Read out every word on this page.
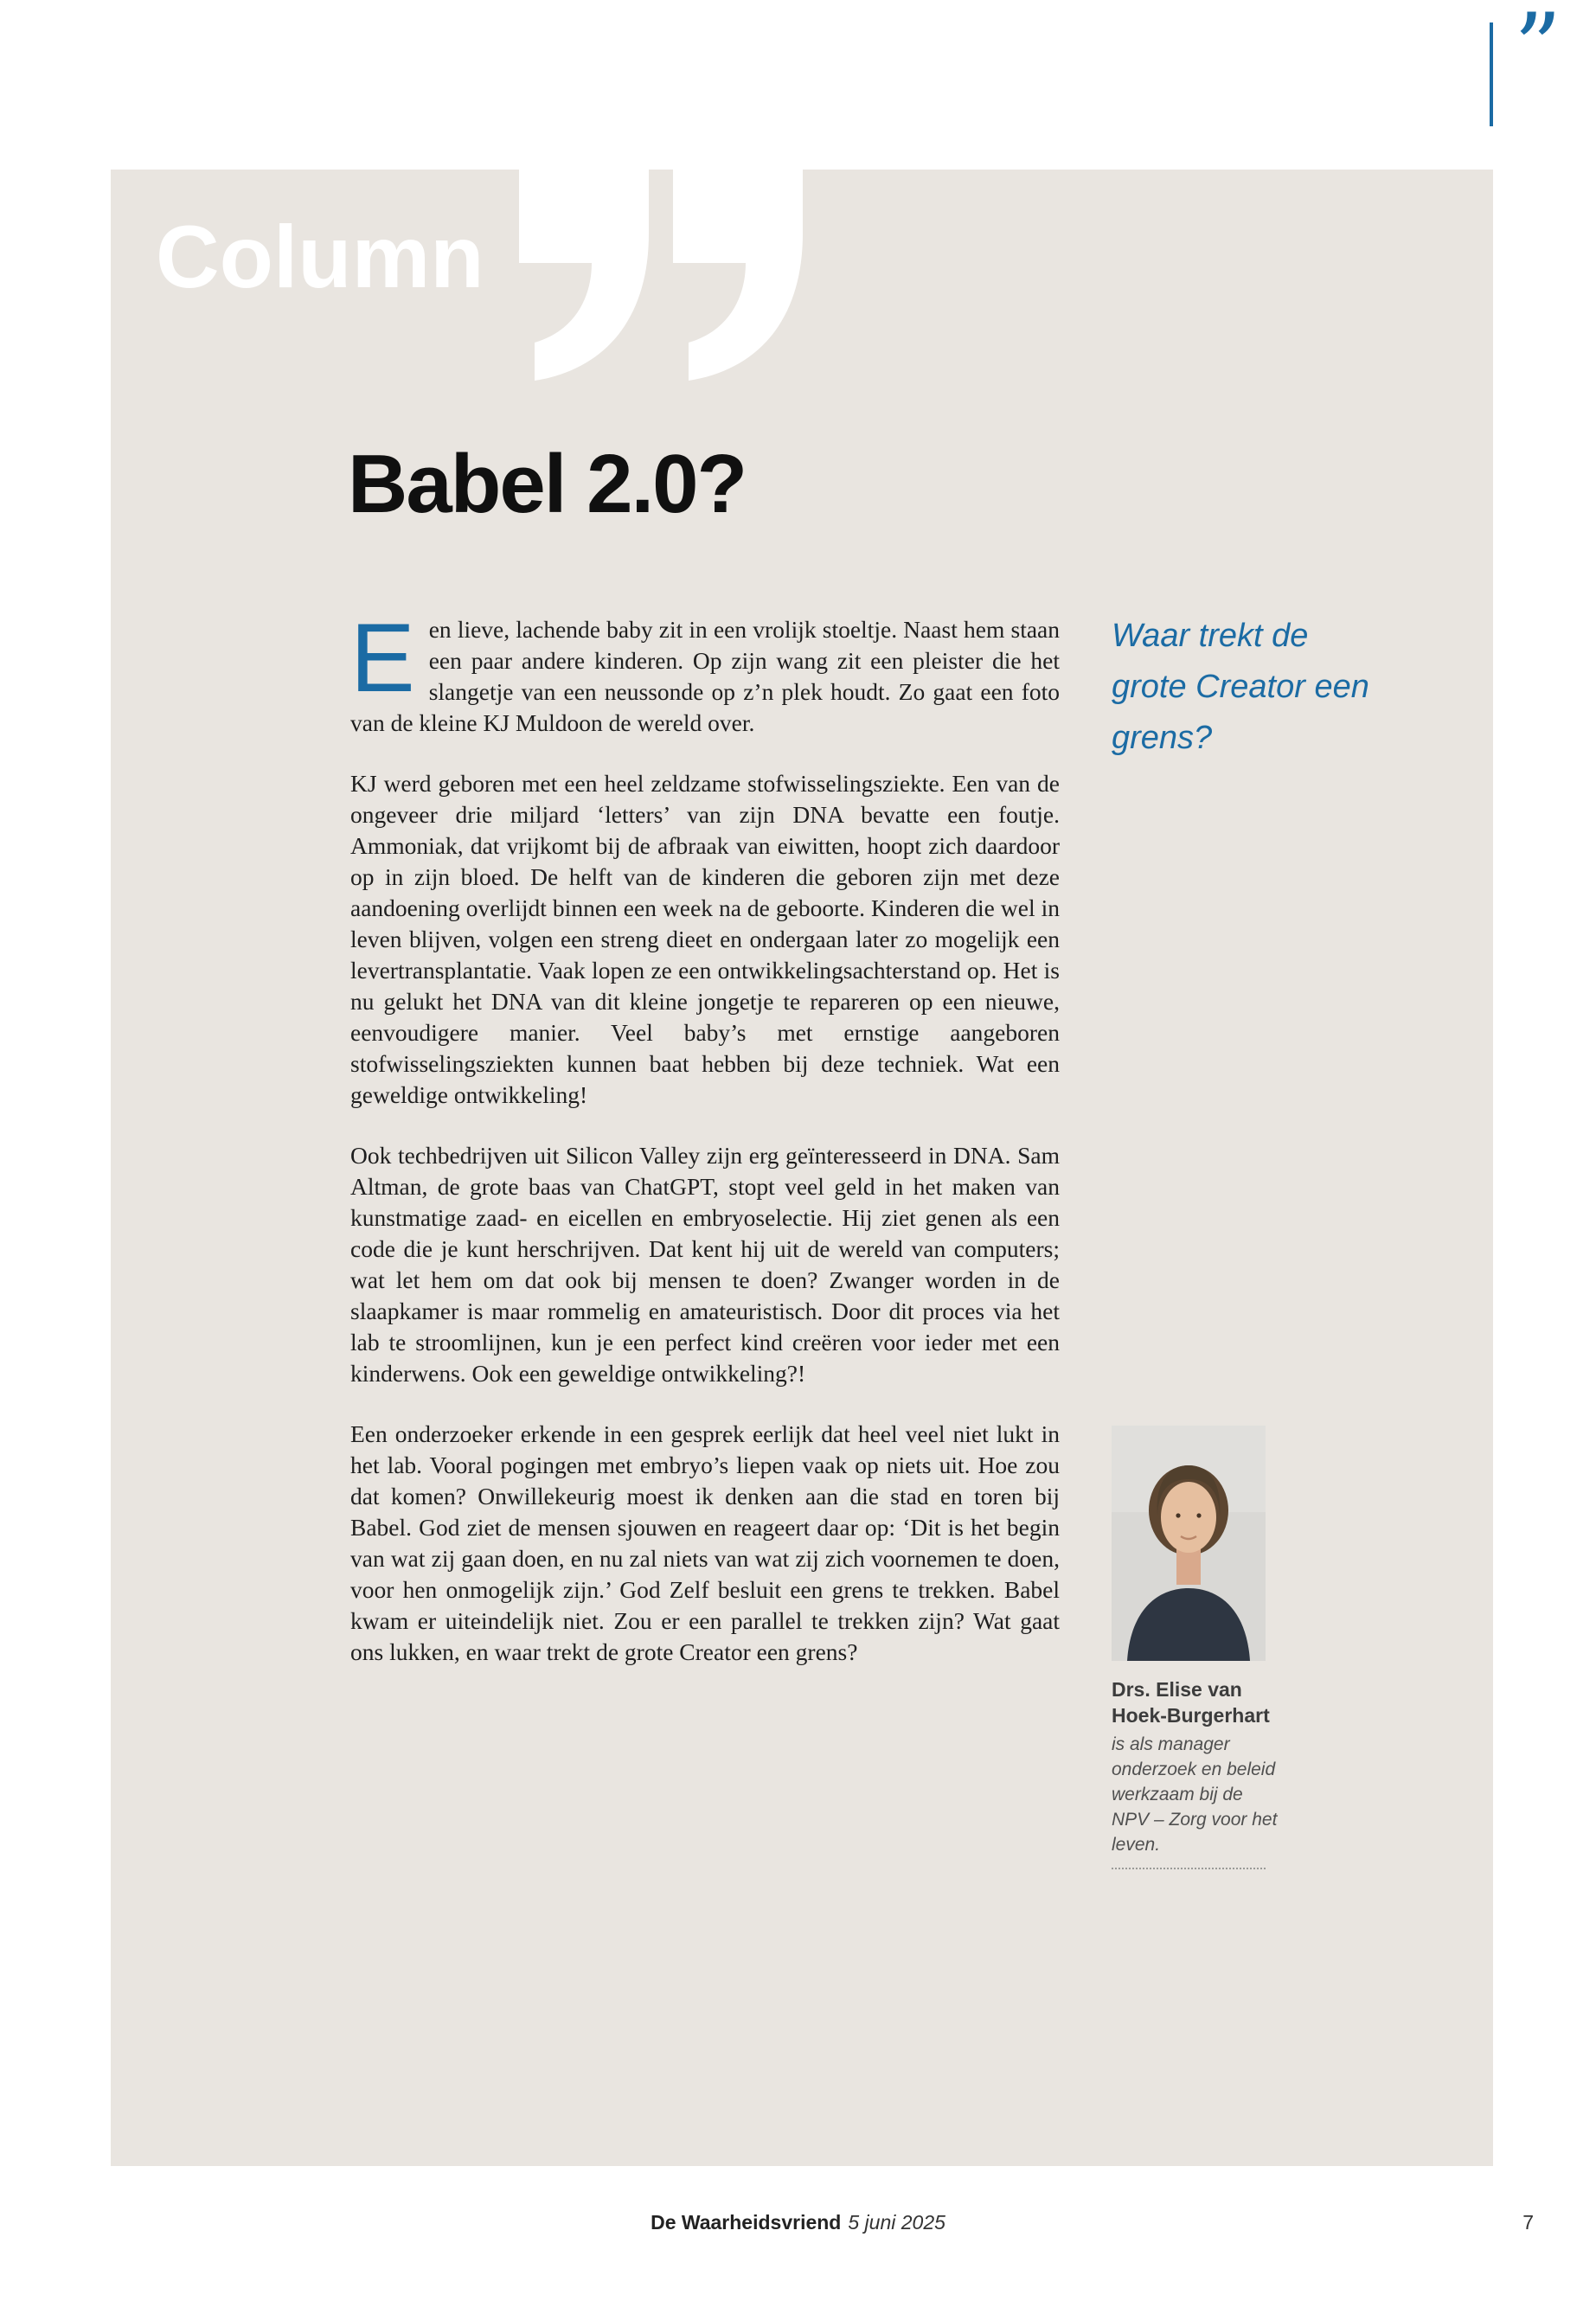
”
Column
Babel 2.0?

Een lieve, lachende baby zit in een vrolijk stoeltje. Naast hem staan een paar andere kinderen. Op zijn wang zit een pleister die het slangetje van een neussonde op z’n plek houdt. Zo gaat een foto van de kleine KJ Muldoon de wereld over.

KJ werd geboren met een heel zeldzame stofwisselingsziekte. Een van de ongeveer drie miljard ‘letters’ van zijn DNA bevatte een foutje. Ammoniak, dat vrijkomt bij de afbraak van eiwitten, hoopt zich daardoor op in zijn bloed. De helft van de kinderen die geboren zijn met deze aandoening overlijdt binnen een week na de geboorte. Kinderen die wel in leven blijven, volgen een streng dieet en ondergaan later zo mogelijk een levertransplantatie. Vaak lopen ze een ontwikkelingsachterstand op. Het is nu gelukt het DNA van dit kleine jongetje te repareren op een nieuwe, eenvoudigere manier. Veel baby’s met ernstige aangeboren stofwisselingsziekten kunnen baat hebben bij deze techniek. Wat een geweldige ontwikkeling!

Ook techbedrijven uit Silicon Valley zijn erg geïnteresseerd in DNA. Sam Altman, de grote baas van ChatGPT, stopt veel geld in het maken van kunstmatige zaad- en eicellen en embryoselectie. Hij ziet genen als een code die je kunt herschrijven. Dat kent hij uit de wereld van computers; wat let hem om dat ook bij mensen te doen? Zwanger worden in de slaapkamer is maar rommelig en amateuristisch. Door dit proces via het lab te stroomlijnen, kun je een perfect kind creëren voor ieder met een kinderwens. Ook een geweldige ontwikkeling?!

Een onderzoeker erkende in een gesprek eerlijk dat heel veel niet lukt in het lab. Vooral pogingen met embryo’s liepen vaak op niets uit. Hoe zou dat komen? Onwillekeurig moest ik denken aan die stad en toren bij Babel. God ziet de mensen sjouwen en reageert daar op: ‘Dit is het begin van wat zij gaan doen, en nu zal niets van wat zij zich voornemen te doen, voor hen onmogelijk zijn.’ God Zelf besluit een grens te trekken. Babel kwam er uiteindelijk niet. Zou er een parallel te trekken zijn? Wat gaat ons lukken, en waar trekt de grote Creator een grens?

Waar trekt de grote Creator een grens?
Drs. Elise van Hoek-Burgerhart
is als manager onderzoek en beleid werkzaam bij de NPV – Zorg voor het leven.
De Waarheidsvriend 5 juni 2025	7
